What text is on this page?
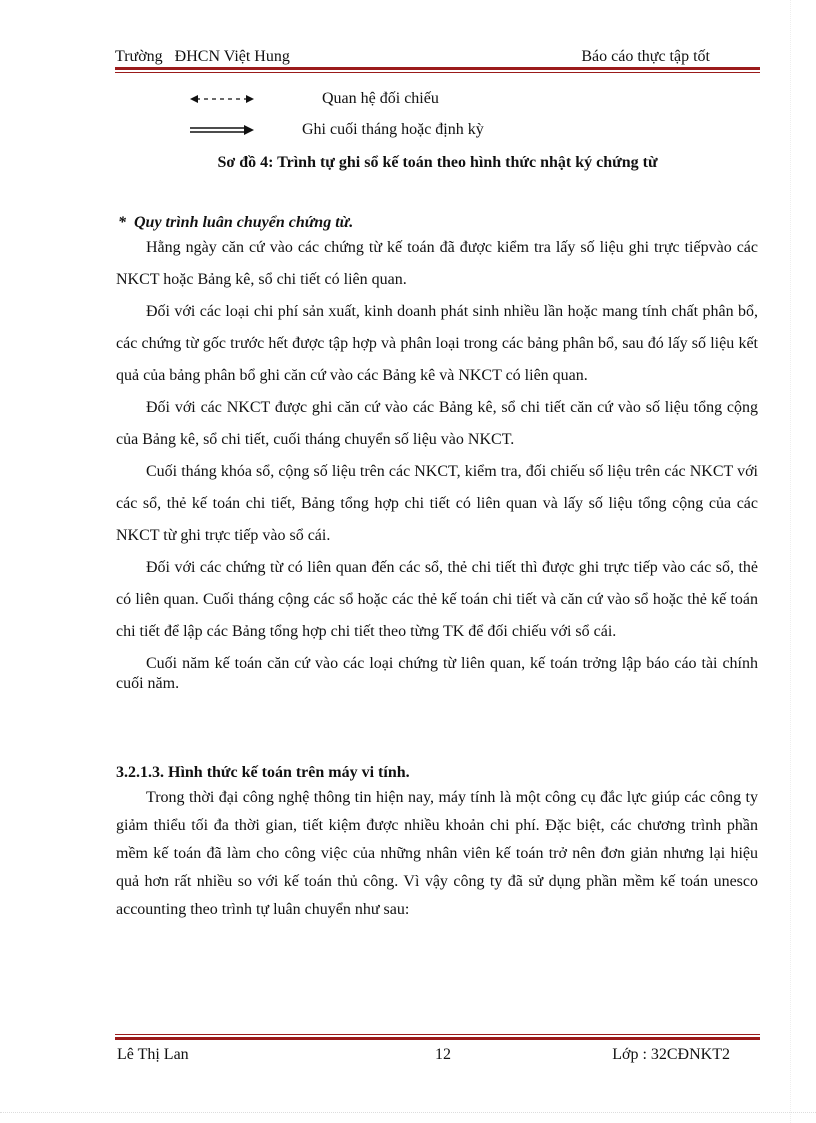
Trường   ĐHCN Việt Hung	Báo cáo thực tập tốt
Quan hệ đối chiếu
Ghi cuối tháng hoặc định kỳ
Sơ đồ 4: Trình tự ghi sổ kế toán theo hình thức nhật ký chứng từ
* Quy trình luân chuyển chứng từ.

Hằng ngày căn cứ vào các chứng từ kế toán đã được kiểm tra lấy số liệu ghi trực tiếpvào các NKCT hoặc Bảng kê, sổ chi tiết có liên quan.

Đối với các loại chi phí sản xuất, kinh doanh phát sinh nhiều lần hoặc mang tính chất phân bổ, các chứng từ gốc trước hết được tập hợp và phân loại trong các bảng phân bổ, sau đó lấy số liệu kết quả của bảng phân bổ ghi căn cứ vào các Bảng kê và NKCT có liên quan.

Đối với các NKCT được ghi căn cứ vào các Bảng kê, sổ chi tiết căn cứ vào số liệu tổng cộng của Bảng kê, sổ chi tiết, cuối tháng chuyển số liệu vào NKCT.

Cuối tháng khóa sổ, cộng số liệu trên các NKCT, kiểm tra, đối chiếu số liệu trên các NKCT với các sổ, thẻ kế toán chi tiết, Bảng tổng hợp chi tiết có liên quan và lấy số liệu tổng cộng của các NKCT từ ghi trực tiếp vào sổ cái.

Đối với các chứng từ có liên quan đến các sổ, thẻ chi tiết thì được ghi trực tiếp vào các sổ, thẻ có liên quan. Cuối tháng cộng các sổ hoặc các thẻ kế toán chi tiết và căn cứ vào sổ hoặc thẻ kế toán chi tiết để lập các Bảng tổng hợp chi tiết theo từng TK để đối chiếu với sổ cái.

Cuối năm kế toán căn cứ vào các loại chứng từ liên quan, kế toán trởng lập báo cáo tài chính cuối năm.

3.2.1.3. Hình thức kế toán trên máy vi tính.

Trong thời đại công nghệ thông tin hiện nay, máy tính là một công cụ đắc lực giúp các công ty giảm thiểu tối đa thời gian, tiết kiệm được nhiều khoản chi phí. Đặc biệt, các chương trình phần mềm kế toán đã làm cho công việc của những nhân viên kế toán trở nên đơn giản nhưng lại hiệu quả hơn rất nhiều so với kế toán thủ công. Vì vậy công ty đã sử dụng phần mềm kế toán unesco accounting theo trình tự luân chuyển như sau:

Lê Thị Lan	12	Lớp : 32CĐNKT2
